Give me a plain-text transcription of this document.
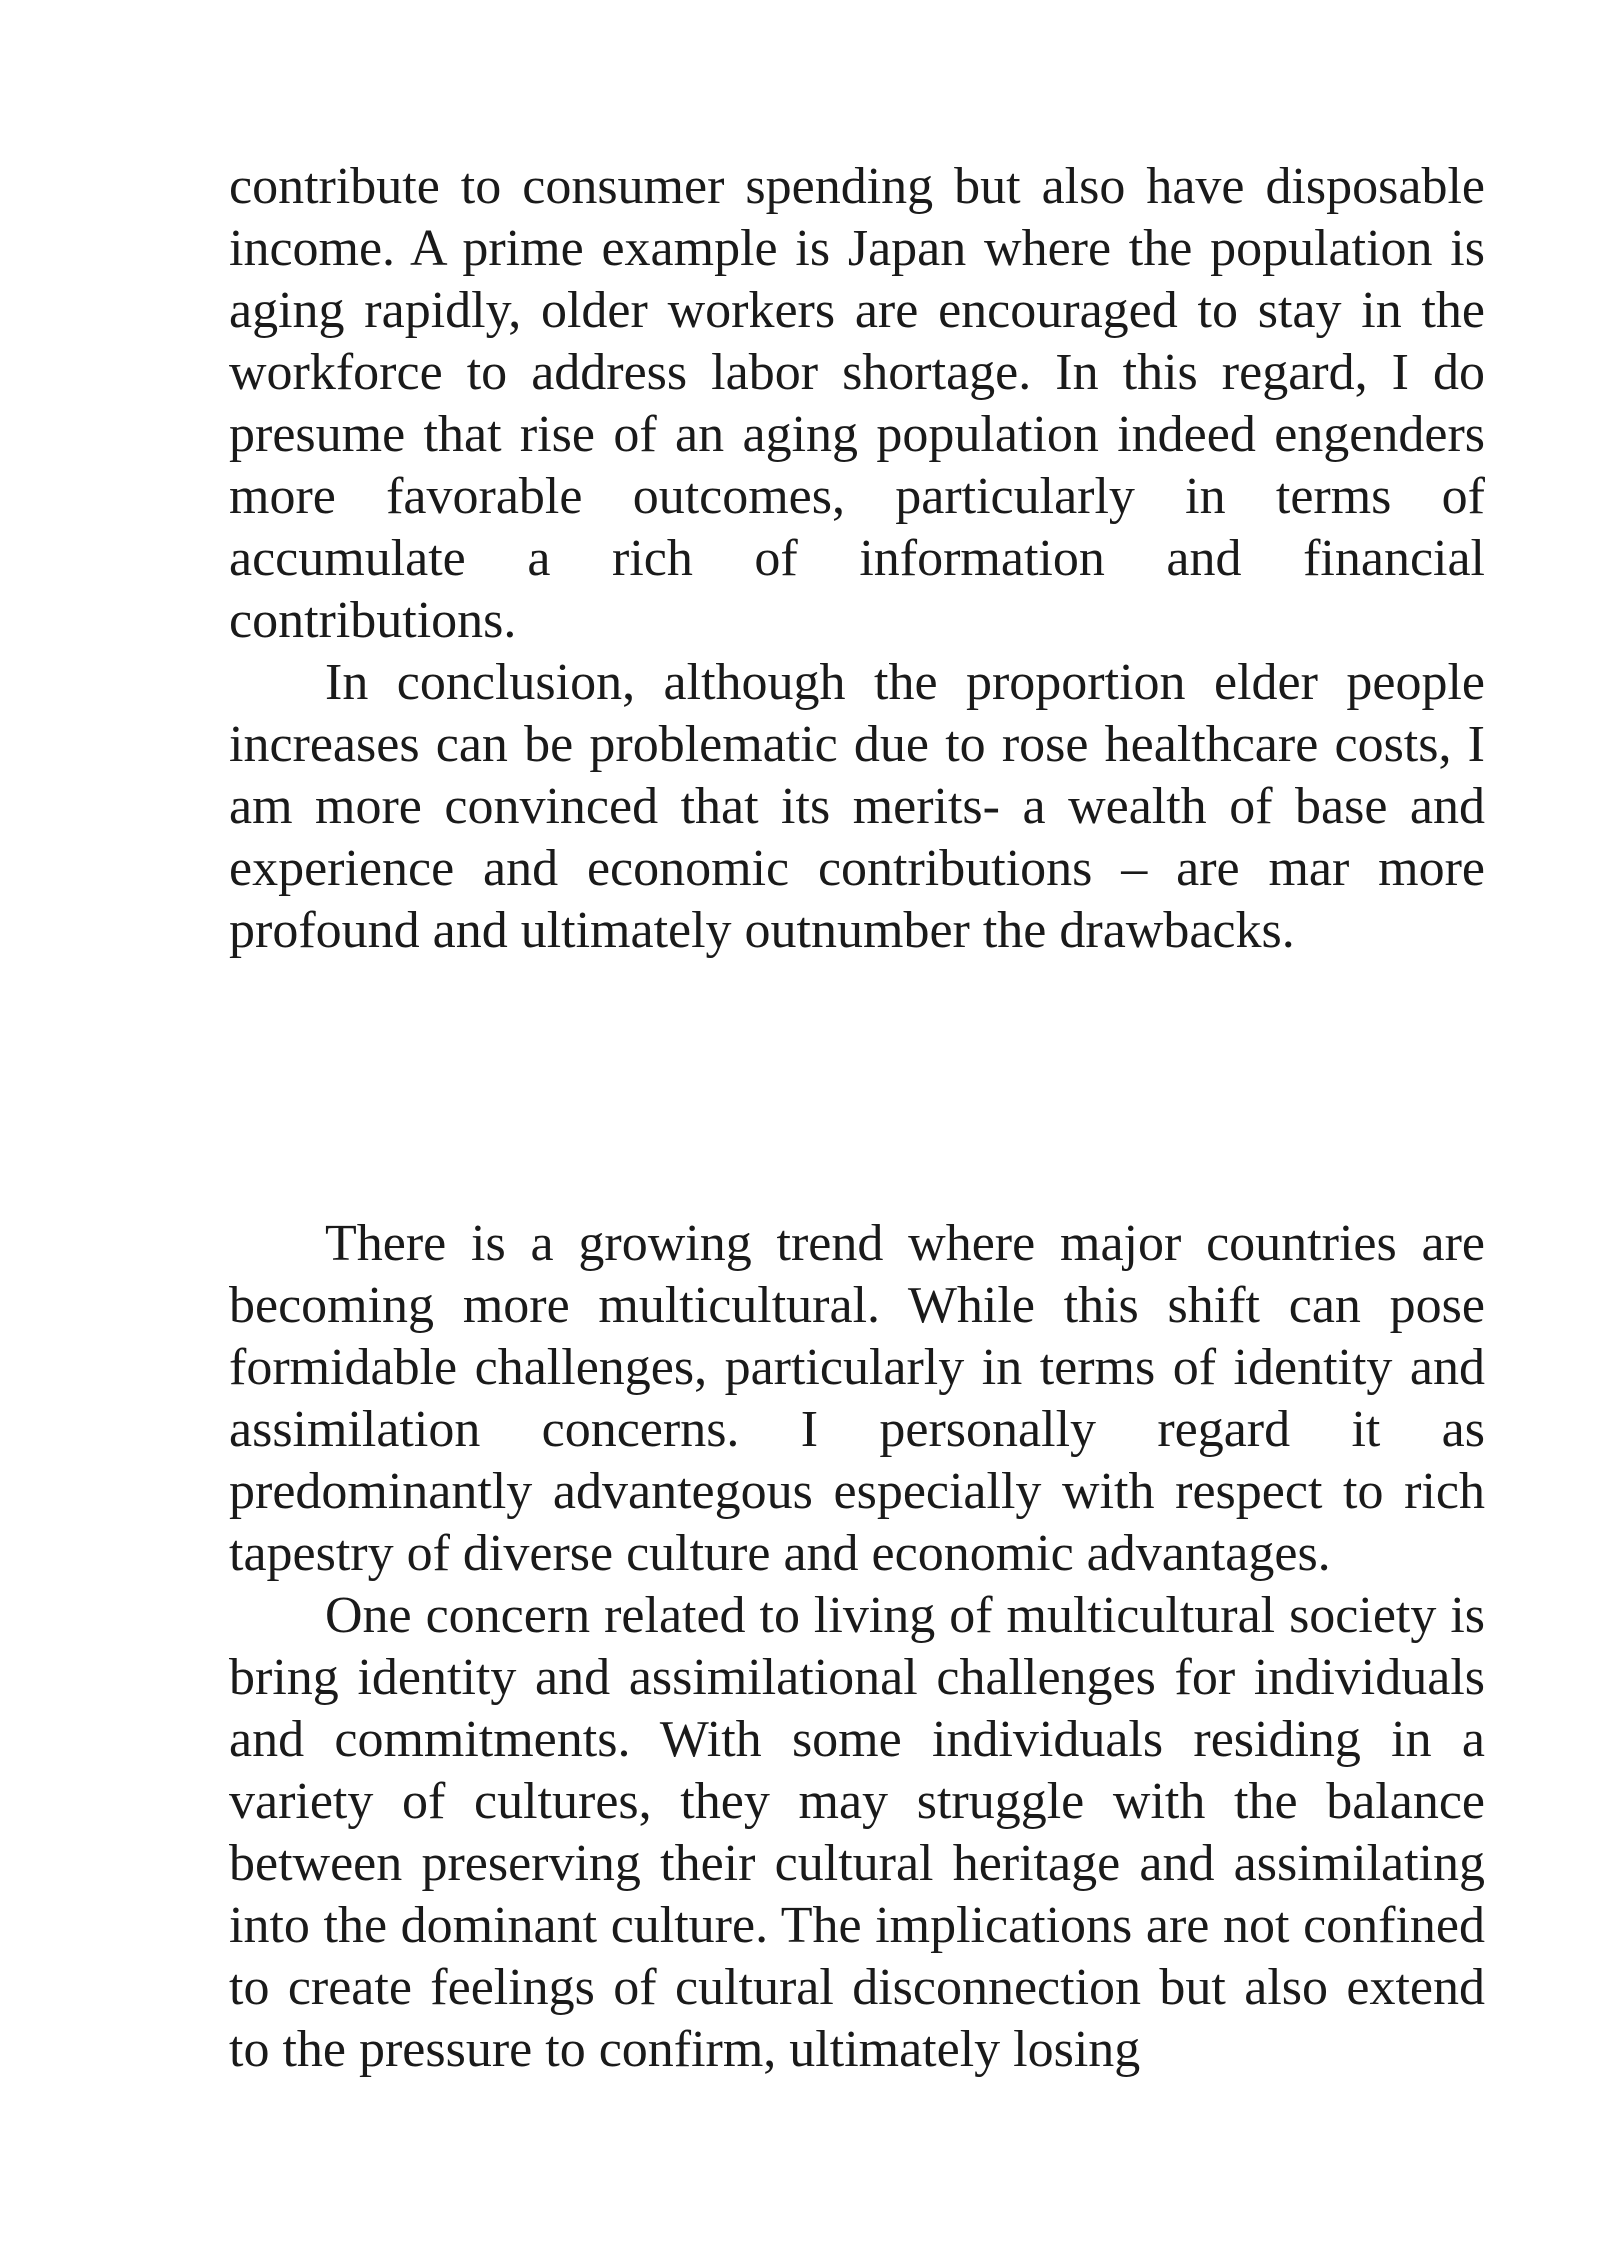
contribute to consumer spending but also have disposable income. A prime example is Japan where the population is aging rapidly, older workers are encouraged to stay in the workforce to address labor shortage. In this regard, I do presume that rise of an aging population indeed engenders more favorable outcomes, particularly in terms of accumulate a rich of information and financial contributions.

In conclusion, although the proportion elder people increases can be problematic due to rose healthcare costs, I am more convinced that its merits- a wealth of base and experience and economic contributions – are mar more profound and ultimately outnumber the drawbacks.

There is a growing trend where major countries are becoming more multicultural. While this shift can pose formidable challenges, particularly in terms of identity and assimilation concerns. I personally regard it as predominantly advantegous especially with respect to rich tapestry of diverse culture and economic advantages.

One concern related to living of multicultural society is bring identity and assimilational challenges for individuals and commitments. With some individuals residing in a variety of cultures, they may struggle with the balance between preserving their cultural heritage and assimilating into the dominant culture. The implications are not confined to create feelings of cultural disconnection but also extend to the pressure to confirm, ultimately losing
